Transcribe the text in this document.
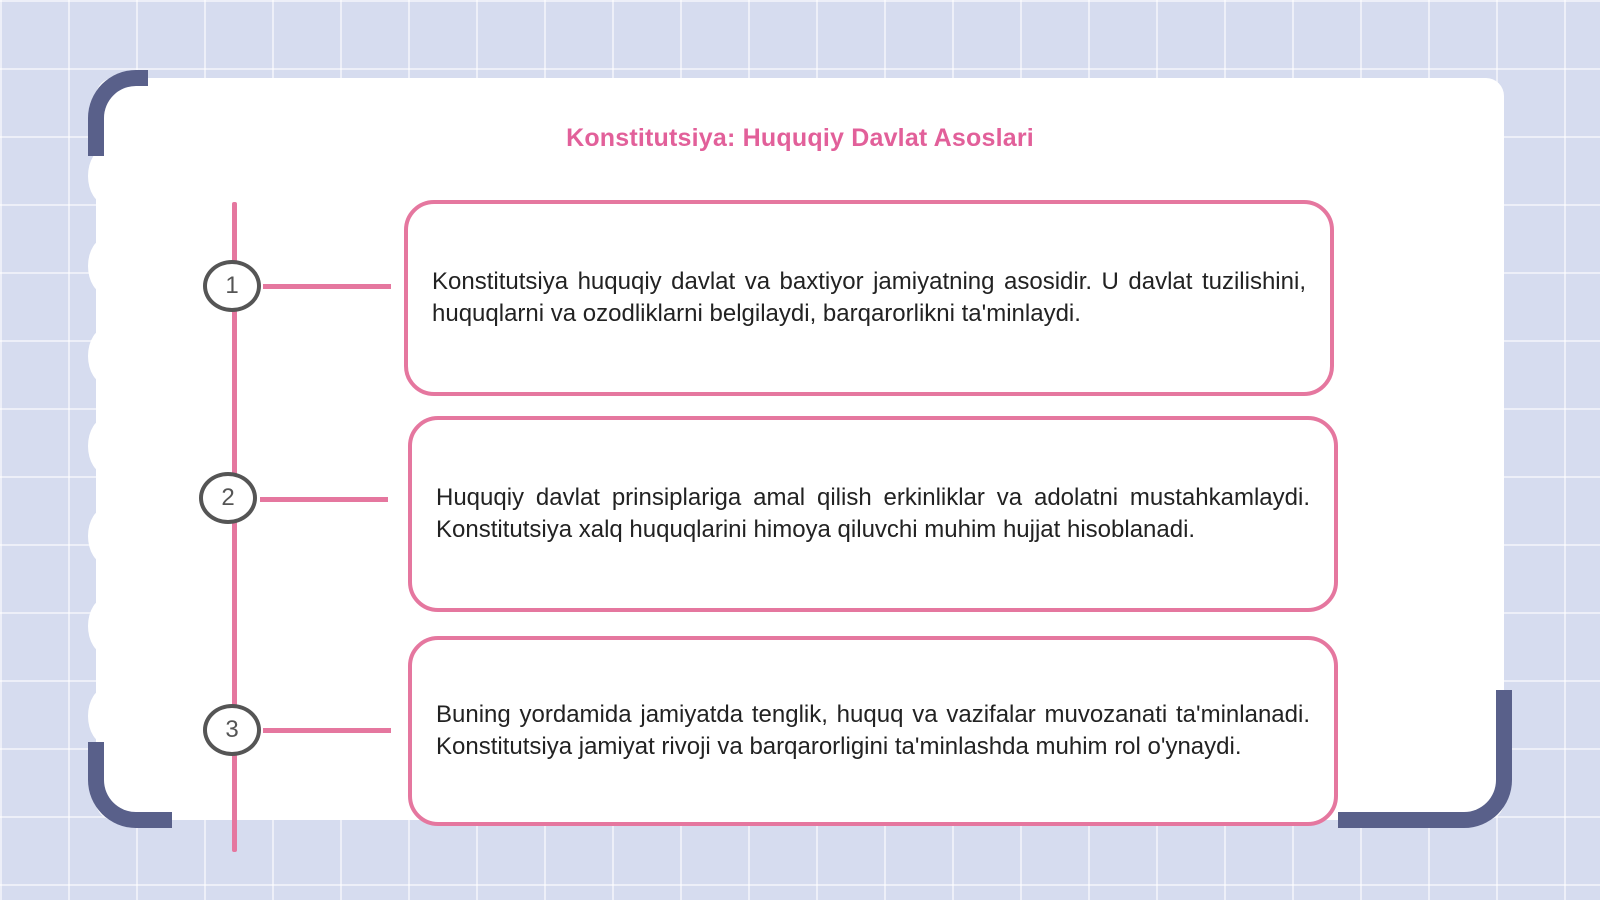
Konstitutsiya: Huquqiy Davlat Asoslari
1
2
3

Konstitutsiya huquqiy davlat va baxtiyor jamiyatning asosidir. U davlat tuzilishini, huquqlarni va ozodliklarni belgilaydi, barqarorlikni ta'minlaydi.

Huquqiy davlat prinsiplariga amal qilish erkinliklar va adolatni mustahkamlaydi. Konstitutsiya xalq huquqlarini himoya qiluvchi muhim hujjat hisoblanadi.

Buning yordamida jamiyatda tenglik, huquq va vazifalar muvozanati ta'minlanadi. Konstitutsiya jamiyat rivoji va barqarorligini ta'minlashda muhim rol o'ynaydi.
